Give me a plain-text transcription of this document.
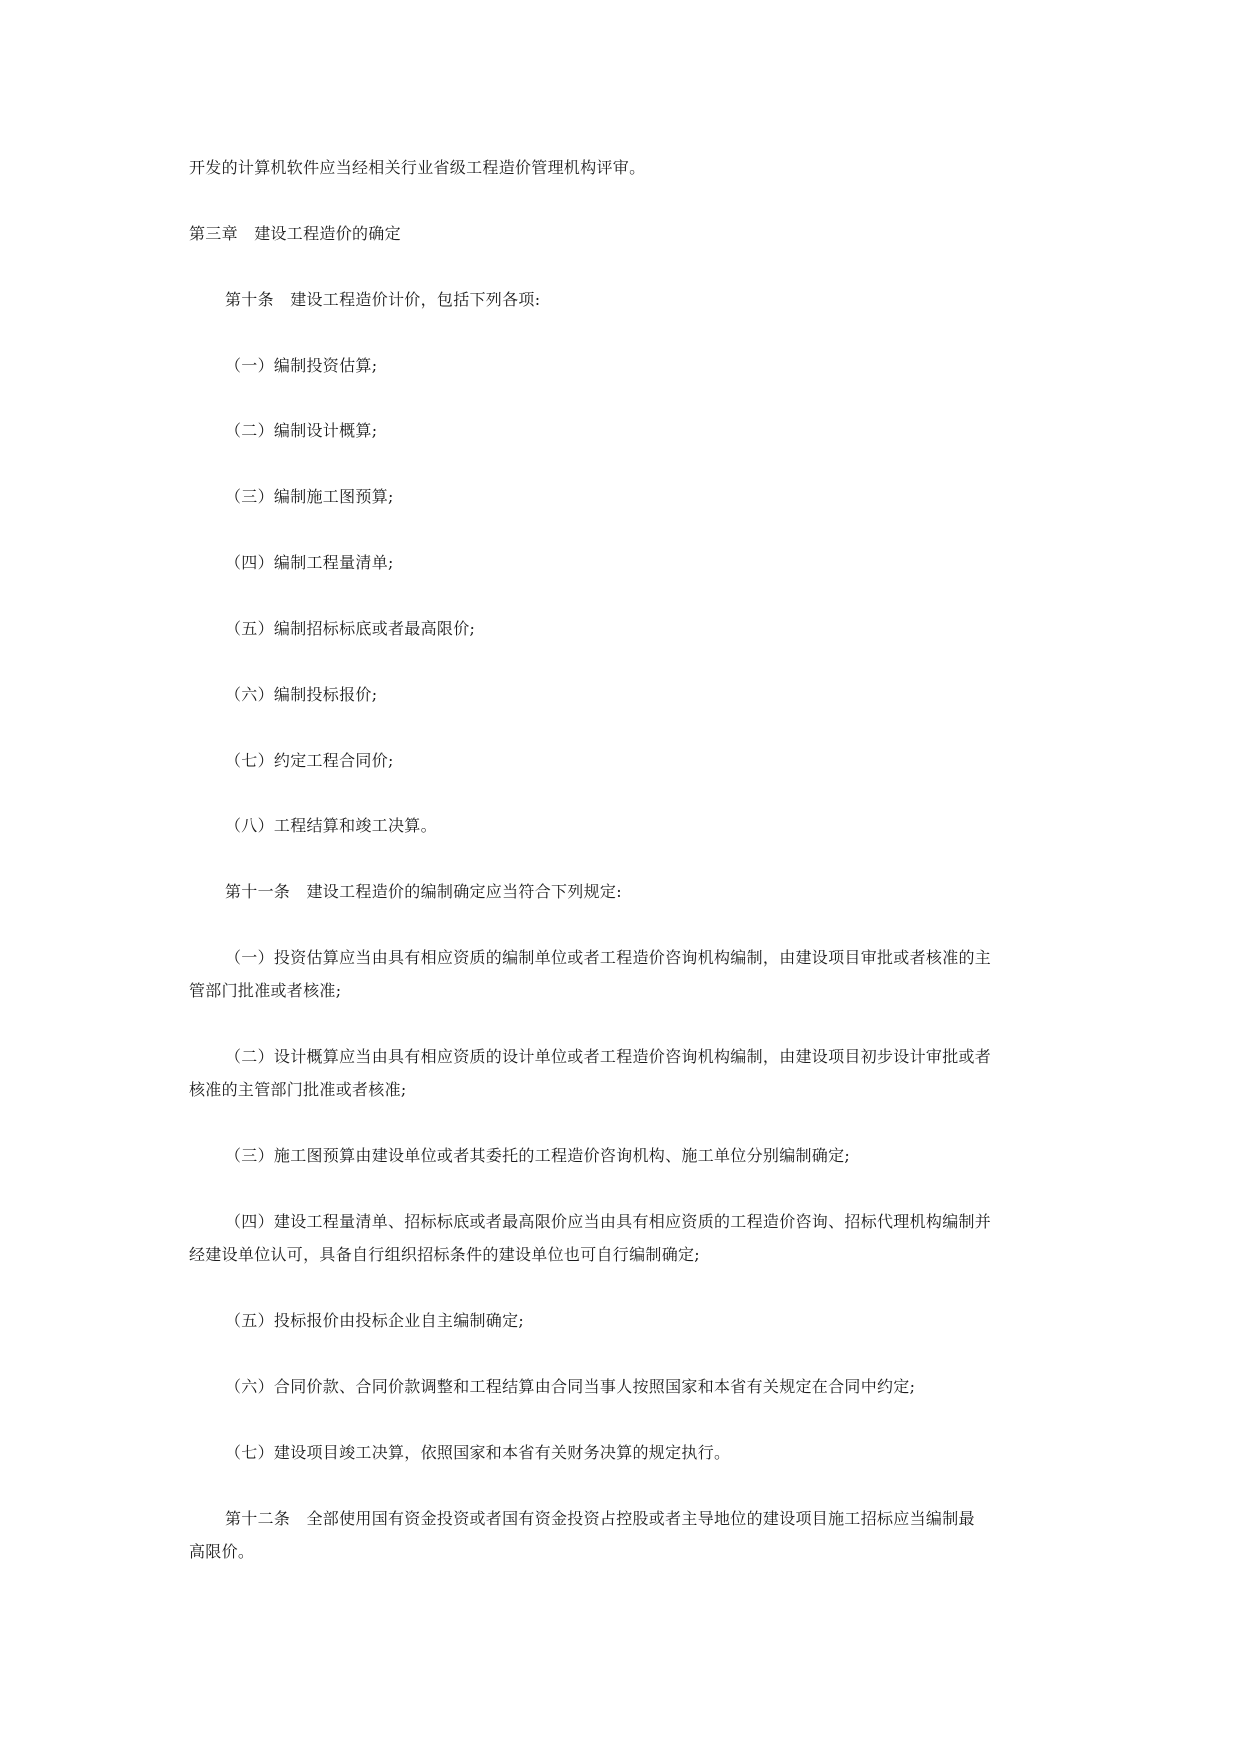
开发的计算机软件应当经相关行业省级工程造价管理机构评审。
第三章　建设工程造价的确定
第十条　建设工程造价计价，包括下列各项:
（一）编制投资估算;
（二）编制设计概算;
（三）编制施工图预算;
（四）编制工程量清单;
（五）编制招标标底或者最高限价;
（六）编制投标报价;
（七）约定工程合同价;
（八）工程结算和竣工决算。
第十一条　建设工程造价的编制确定应当符合下列规定:
（一）投资估算应当由具有相应资质的编制单位或者工程造价咨询机构编制，由建设项目审批或者核准的主
管部门批准或者核准;
（二）设计概算应当由具有相应资质的设计单位或者工程造价咨询机构编制，由建设项目初步设计审批或者
核准的主管部门批准或者核准;
（三）施工图预算由建设单位或者其委托的工程造价咨询机构、施工单位分别编制确定;
（四）建设工程量清单、招标标底或者最高限价应当由具有相应资质的工程造价咨询、招标代理机构编制并
经建设单位认可，具备自行组织招标条件的建设单位也可自行编制确定;
（五）投标报价由投标企业自主编制确定;
（六）合同价款、合同价款调整和工程结算由合同当事人按照国家和本省有关规定在合同中约定;
（七）建设项目竣工决算，依照国家和本省有关财务决算的规定执行。
第十二条　全部使用国有资金投资或者国有资金投资占控股或者主导地位的建设项目施工招标应当编制最
高限价。
